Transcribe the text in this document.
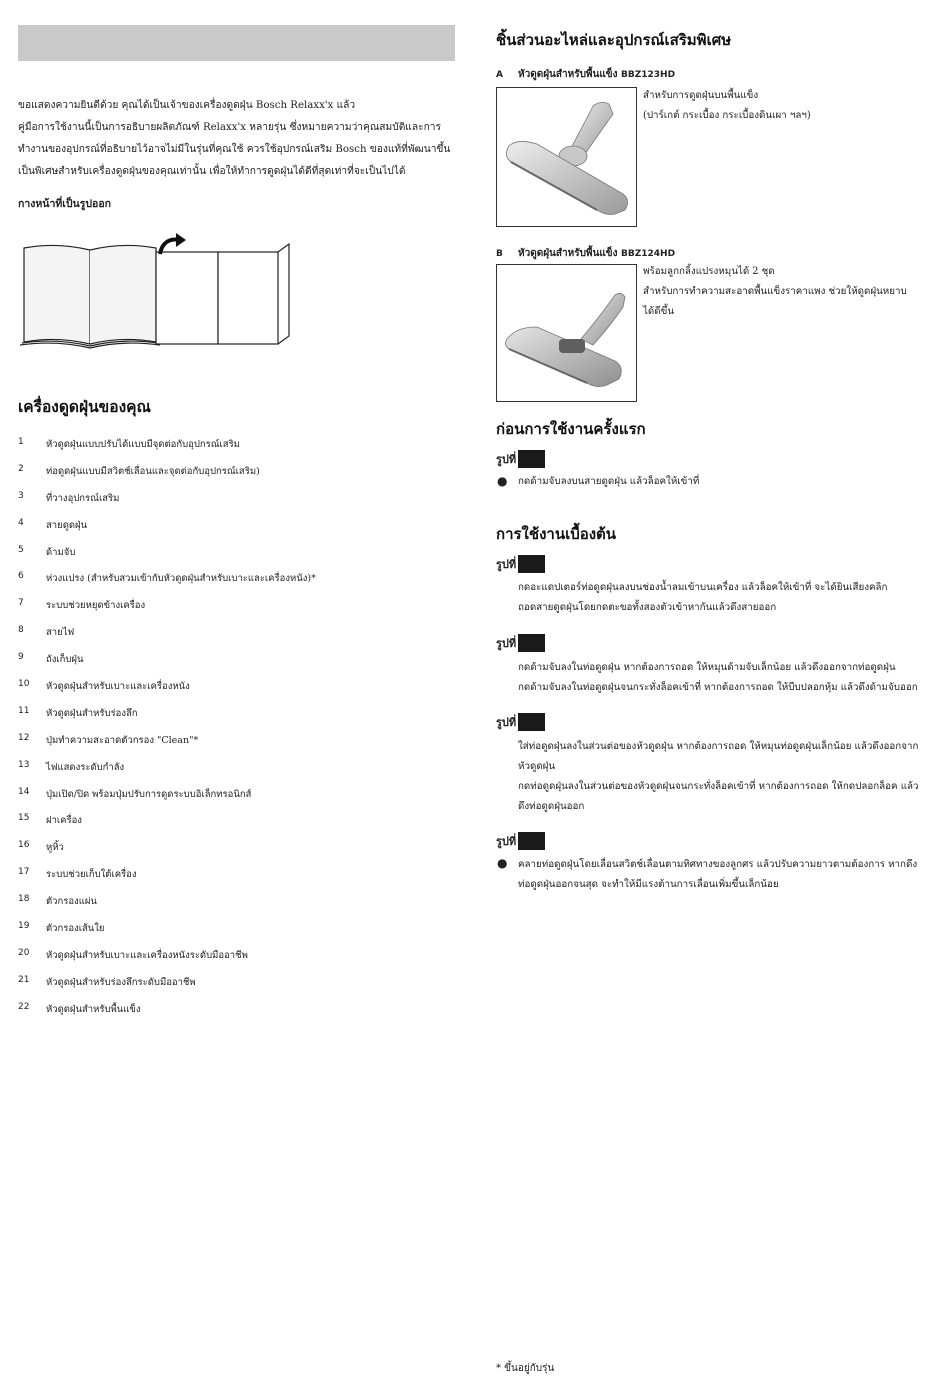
ขอแสดงความยินดีด้วย คุณได้เป็นเจ้าของเครื่องดูดฝุ่น Bosch Relaxx'x แล้ว
คู่มือการใช้งานนี้เป็นการอธิบายผลิตภัณฑ์ Relaxx'x หลายรุ่น ซึ่งหมายความว่าคุณสมบัติและการ
ทำงานของอุปกรณ์ที่อธิบายไว้อาจไม่มีในรุ่นที่คุณใช้ ควรใช้อุปกรณ์เสริม Bosch ของแท้ที่พัฒนาขึ้น
เป็นพิเศษสำหรับเครื่องดูดฝุ่นของคุณเท่านั้น เพื่อให้ทำการดูดฝุ่นได้ดีที่สุดเท่าที่จะเป็นไปได้
กางหน้าที่เป็นรูปออก
เครื่องดูดฝุ่นของคุณ
1	หัวดูดฝุ่นแบบปรับได้แบบมีจุดต่อกับอุปกรณ์เสริม
2	ท่อดูดฝุ่นแบบมีสวิตช์เลื่อนและจุดต่อกับอุปกรณ์เสริม)
3	ที่วางอุปกรณ์เสริม
4	สายดูดฝุ่น
5	ด้ามจับ
6	ห่วงแปรง (สำหรับสวมเข้ากับหัวดูดฝุ่นสำหรับเบาะและเครื่องหนัง)*
7	ระบบช่วยหยุดข้างเครื่อง
8	สายไฟ
9	ถังเก็บฝุ่น
10	หัวดูดฝุ่นสำหรับเบาะและเครื่องหนัง
11	หัวดูดฝุ่นสำหรับร่องลึก
12	ปุ่มทำความสะอาดตัวกรอง "Clean"*
13	ไฟแสดงระดับกำลัง
14	ปุ่มเปิด/ปิด พร้อมปุ่มปรับการดูดระบบอิเล็กทรอนิกส์
15	ฝาเครื่อง
16	หูหิ้ว
17	ระบบช่วยเก็บใต้เครื่อง
18	ตัวกรองแผ่น
19	ตัวกรองเส้นใย
20	หัวดูดฝุ่นสำหรับเบาะและเครื่องหนังระดับมืออาชีพ
21	หัวดูดฝุ่นสำหรับร่องลึกระดับมืออาชีพ
22	หัวดูดฝุ่นสำหรับพื้นแข็ง
ชิ้นส่วนอะไหล่และอุปกรณ์เสริมพิเศษ
A หัวดูดฝุ่นสำหรับพื้นแข็ง BBZ123HD
สำหรับการดูดฝุ่นบนพื้นแข็ง
(ปาร์เกต์ กระเบื้อง กระเบื้องดินเผา ฯลฯ)
B หัวดูดฝุ่นสำหรับพื้นแข็ง BBZ124HD
พร้อมลูกกลิ้งแปรงหมุนได้ 2 ชุด
สำหรับการทำความสะอาดพื้นแข็งราคาแพง ช่วยให้ดูดฝุ่นหยาบ
ได้ดีขึ้น
ก่อนการใช้งานครั้งแรก
รูปที่
● กดด้ามจับลงบนสายดูดฝุ่น แล้วล็อคให้เข้าที่
การใช้งานเบื้องต้น
รูปที่
กดอะแดปเตอร์ท่อดูดฝุ่นลงบนช่องน้ำลมเข้าบนเครื่อง แล้วล็อคให้เข้าที่ จะได้ยินเสียงคลิก
ถอดสายดูดฝุ่นโดยกดตะขอทั้งสองตัวเข้าหากันแล้วดึงสายออก
รูปที่
กดด้ามจับลงในท่อดูดฝุ่น หากต้องการถอด ให้หมุนด้ามจับเล็กน้อย แล้วดึงออกจากท่อดูดฝุ่น
กดด้ามจับลงในท่อดูดฝุ่นจนกระทั่งล็อคเข้าที่ หากต้องการถอด ให้บีบปลอกหุ้ม แล้วดึงด้ามจับออก
รูปที่
ใส่ท่อดูดฝุ่นลงในส่วนต่อของหัวดูดฝุ่น หากต้องการถอด ให้หมุนท่อดูดฝุ่นเล็กน้อย แล้วดึงออกจาก
หัวดูดฝุ่น
กดท่อดูดฝุ่นลงในส่วนต่อของหัวดูดฝุ่นจนกระทั่งล็อคเข้าที่ หากต้องการถอด ให้กดปลอกล็อค แล้ว
ดึงท่อดูดฝุ่นออก
รูปที่
● คลายท่อดูดฝุ่นโดยเลื่อนสวิตช์เลื่อนตามทิศทางของลูกศร แล้วปรับความยาวตามต้องการ หากดึง
ท่อดูดฝุ่นออกจนสุด จะทำให้มีแรงต้านการเลื่อนเพิ่มขึ้นเล็กน้อย
* ขึ้นอยู่กับรุ่น
